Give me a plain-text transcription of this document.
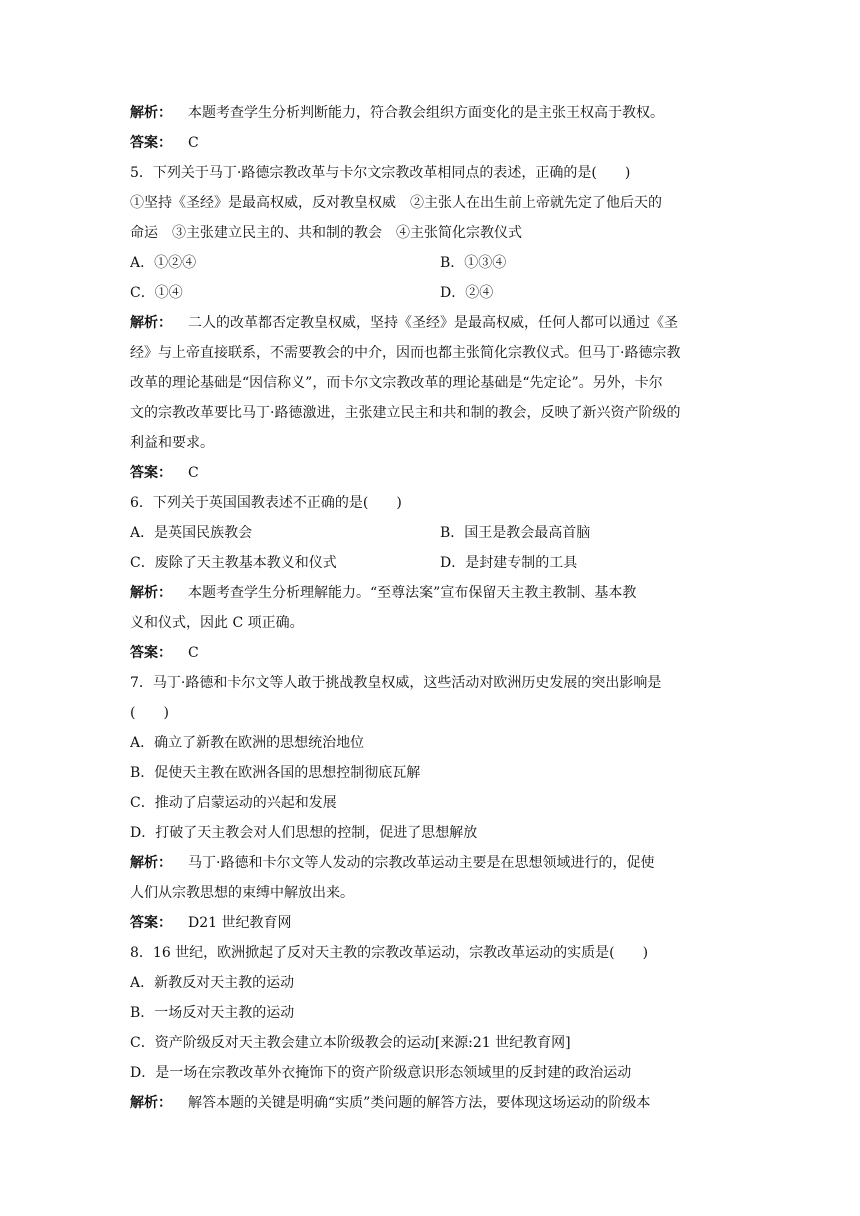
解析： 本题考查学生分析判断能力，符合教会组织方面变化的是主张王权高于教权。
答案： C
5．下列关于马丁·路德宗教改革与卡尔文宗教改革相同点的表述，正确的是(　　)
①坚持《圣经》是最高权威，反对教皇权威　②主张人在出生前上帝就先定了他后天的
命运　③主张建立民主的、共和制的教会　④主张简化宗教仪式
A．①②④	B．①③④
C．①④	D．②④
解析： 二人的改革都否定教皇权威，坚持《圣经》是最高权威，任何人都可以通过《圣
经》与上帝直接联系，不需要教会的中介，因而也都主张简化宗教仪式。但马丁·路德宗教
改革的理论基础是“因信称义”，而卡尔文宗教改革的理论基础是“先定论”。另外，卡尔
文的宗教改革要比马丁·路德激进，主张建立民主和共和制的教会，反映了新兴资产阶级的
利益和要求。
答案： C
6．下列关于英国国教表述不正确的是(　　)
A．是英国民族教会	B．国王是教会最高首脑
C．废除了天主教基本教义和仪式	D．是封建专制的工具
解析： 本题考查学生分析理解能力。“至尊法案”宣布保留天主教主教制、基本教
义和仪式，因此 C 项正确。
答案： C
7．马丁·路德和卡尔文等人敢于挑战教皇权威，这些活动对欧洲历史发展的突出影响是
(　　)
A．确立了新教在欧洲的思想统治地位
B．促使天主教在欧洲各国的思想控制彻底瓦解
C．推动了启蒙运动的兴起和发展
D．打破了天主教会对人们思想的控制，促进了思想解放
解析： 马丁·路德和卡尔文等人发动的宗教改革运动主要是在思想领域进行的，促使
人们从宗教思想的束缚中解放出来。
答案： D21 世纪教育网
8．16 世纪，欧洲掀起了反对天主教的宗教改革运动，宗教改革运动的实质是(　　)
A．新教反对天主教的运动
B．一场反对天主教的运动
C．资产阶级反对天主教会建立本阶级教会的运动[来源:21 世纪教育网]
D．是一场在宗教改革外衣掩饰下的资产阶级意识形态领域里的反封建的政治运动
解析： 解答本题的关键是明确“实质”类问题的解答方法，要体现这场运动的阶级本
